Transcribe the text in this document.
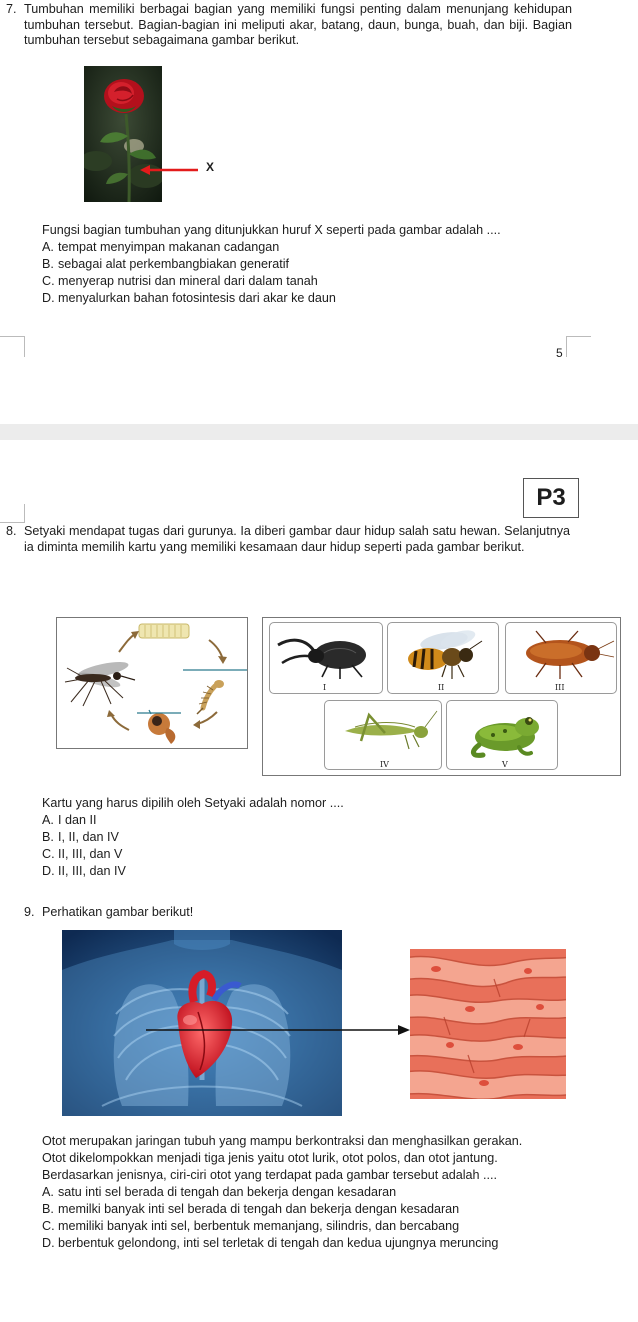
7. Tumbuhan memiliki berbagai bagian yang memiliki fungsi penting dalam menunjang kehidupan tumbuhan tersebut. Bagian-bagian ini meliputi akar, batang, daun, bunga, buah, dan biji. Bagian tumbuhan tersebut sebagaimana gambar berikut.
X
Fungsi bagian tumbuhan yang ditunjukkan huruf X seperti pada gambar adalah ....
A. tempat menyimpan makanan cadangan
B. sebagai alat perkembangbiakan generatif
C. menyerap nutrisi dan mineral dari dalam tanah
D. menyalurkan bahan fotosintesis dari akar ke daun
5
P3
8. Setyaki mendapat tugas dari gurunya. Ia diberi gambar daur hidup salah satu hewan. Selanjutnya ia diminta memilih kartu yang memiliki kesamaan daur hidup seperti pada gambar berikut.
I	II	III
IV	V
Kartu yang harus dipilih oleh Setyaki adalah nomor ....
A. I dan II
B. I, II, dan IV
C. II, III, dan V
D. II, III, dan IV
9. Perhatikan gambar berikut!
Otot merupakan jaringan tubuh yang mampu berkontraksi dan menghasilkan gerakan.
Otot dikelompokkan menjadi tiga jenis yaitu otot lurik, otot polos, dan otot jantung.
Berdasarkan jenisnya, ciri-ciri otot yang terdapat pada gambar tersebut adalah ....
A. satu inti sel berada di tengah dan bekerja dengan kesadaran
B. memilki banyak inti sel berada di tengah dan bekerja dengan kesadaran
C. memiliki banyak inti sel, berbentuk memanjang, silindris, dan bercabang
D. berbentuk gelondong, inti sel terletak di tengah dan kedua ujungnya meruncing
